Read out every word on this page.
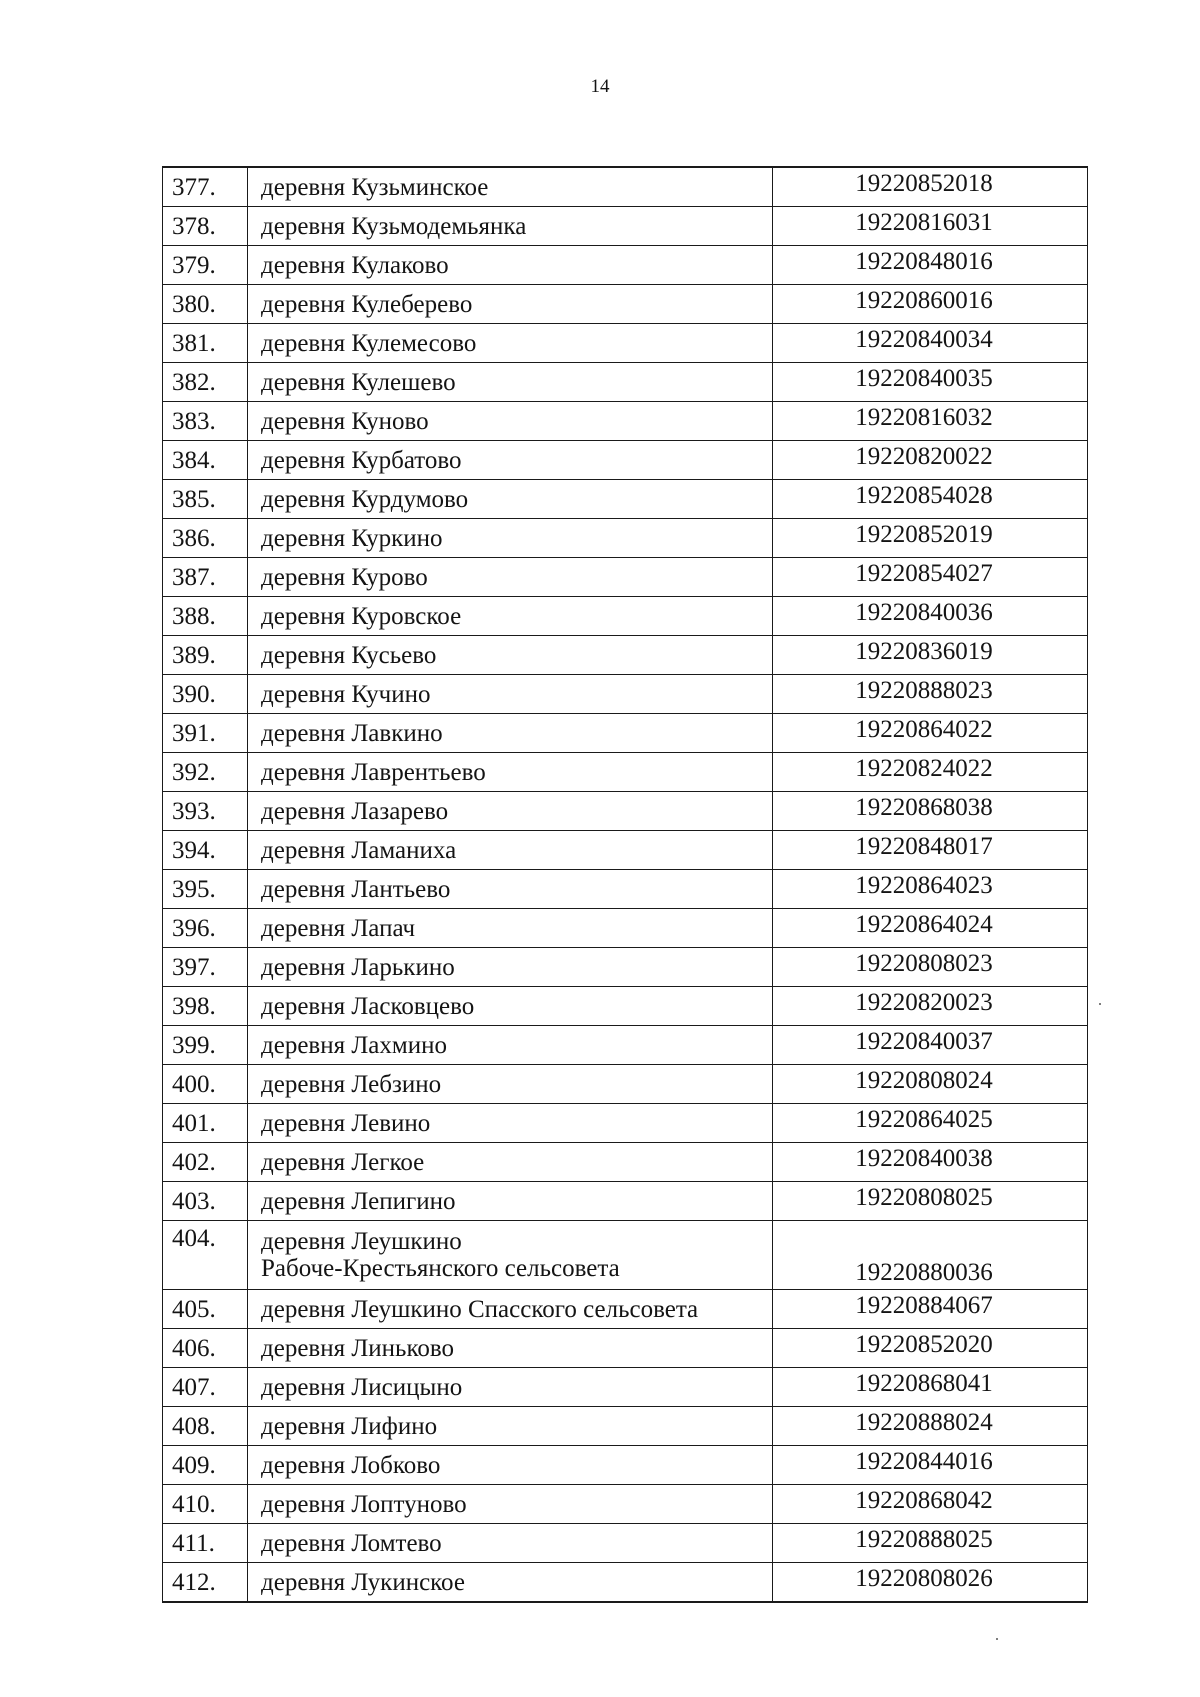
14
377.	деревня Кузьминское	19220852018
378.	деревня Кузьмодемьянка	19220816031
379.	деревня Кулаково	19220848016
380.	деревня Кулеберево	19220860016
381.	деревня Кулемесово	19220840034
382.	деревня Кулешево	19220840035
383.	деревня Куново	19220816032
384.	деревня Курбатово	19220820022
385.	деревня Курдумово	19220854028
386.	деревня Куркино	19220852019
387.	деревня Курово	19220854027
388.	деревня Куровское	19220840036
389.	деревня Кусьево	19220836019
390.	деревня Кучино	19220888023
391.	деревня Лавкино	19220864022
392.	деревня Лаврентьево	19220824022
393.	деревня Лазарево	19220868038
394.	деревня Ламаниха	19220848017
395.	деревня Лантьево	19220864023
396.	деревня Лапач	19220864024
397.	деревня Ларькино	19220808023
398.	деревня Ласковцево	19220820023
399.	деревня Лахмино	19220840037
400.	деревня Лебзино	19220808024
401.	деревня Левино	19220864025
402.	деревня Легкое	19220840038
403.	деревня Лепигино	19220808025
404.	деревня Леушкино
Рабоче-Крестьянского сельсовета	19220880036
405.	деревня Леушкино Спасского сельсовета	19220884067
406.	деревня Линьково	19220852020
407.	деревня Лисицыно	19220868041
408.	деревня Лифино	19220888024
409.	деревня Лобково	19220844016
410.	деревня Лоптуново	19220868042
411.	деревня Ломтево	19220888025
412.	деревня Лукинское	19220808026
